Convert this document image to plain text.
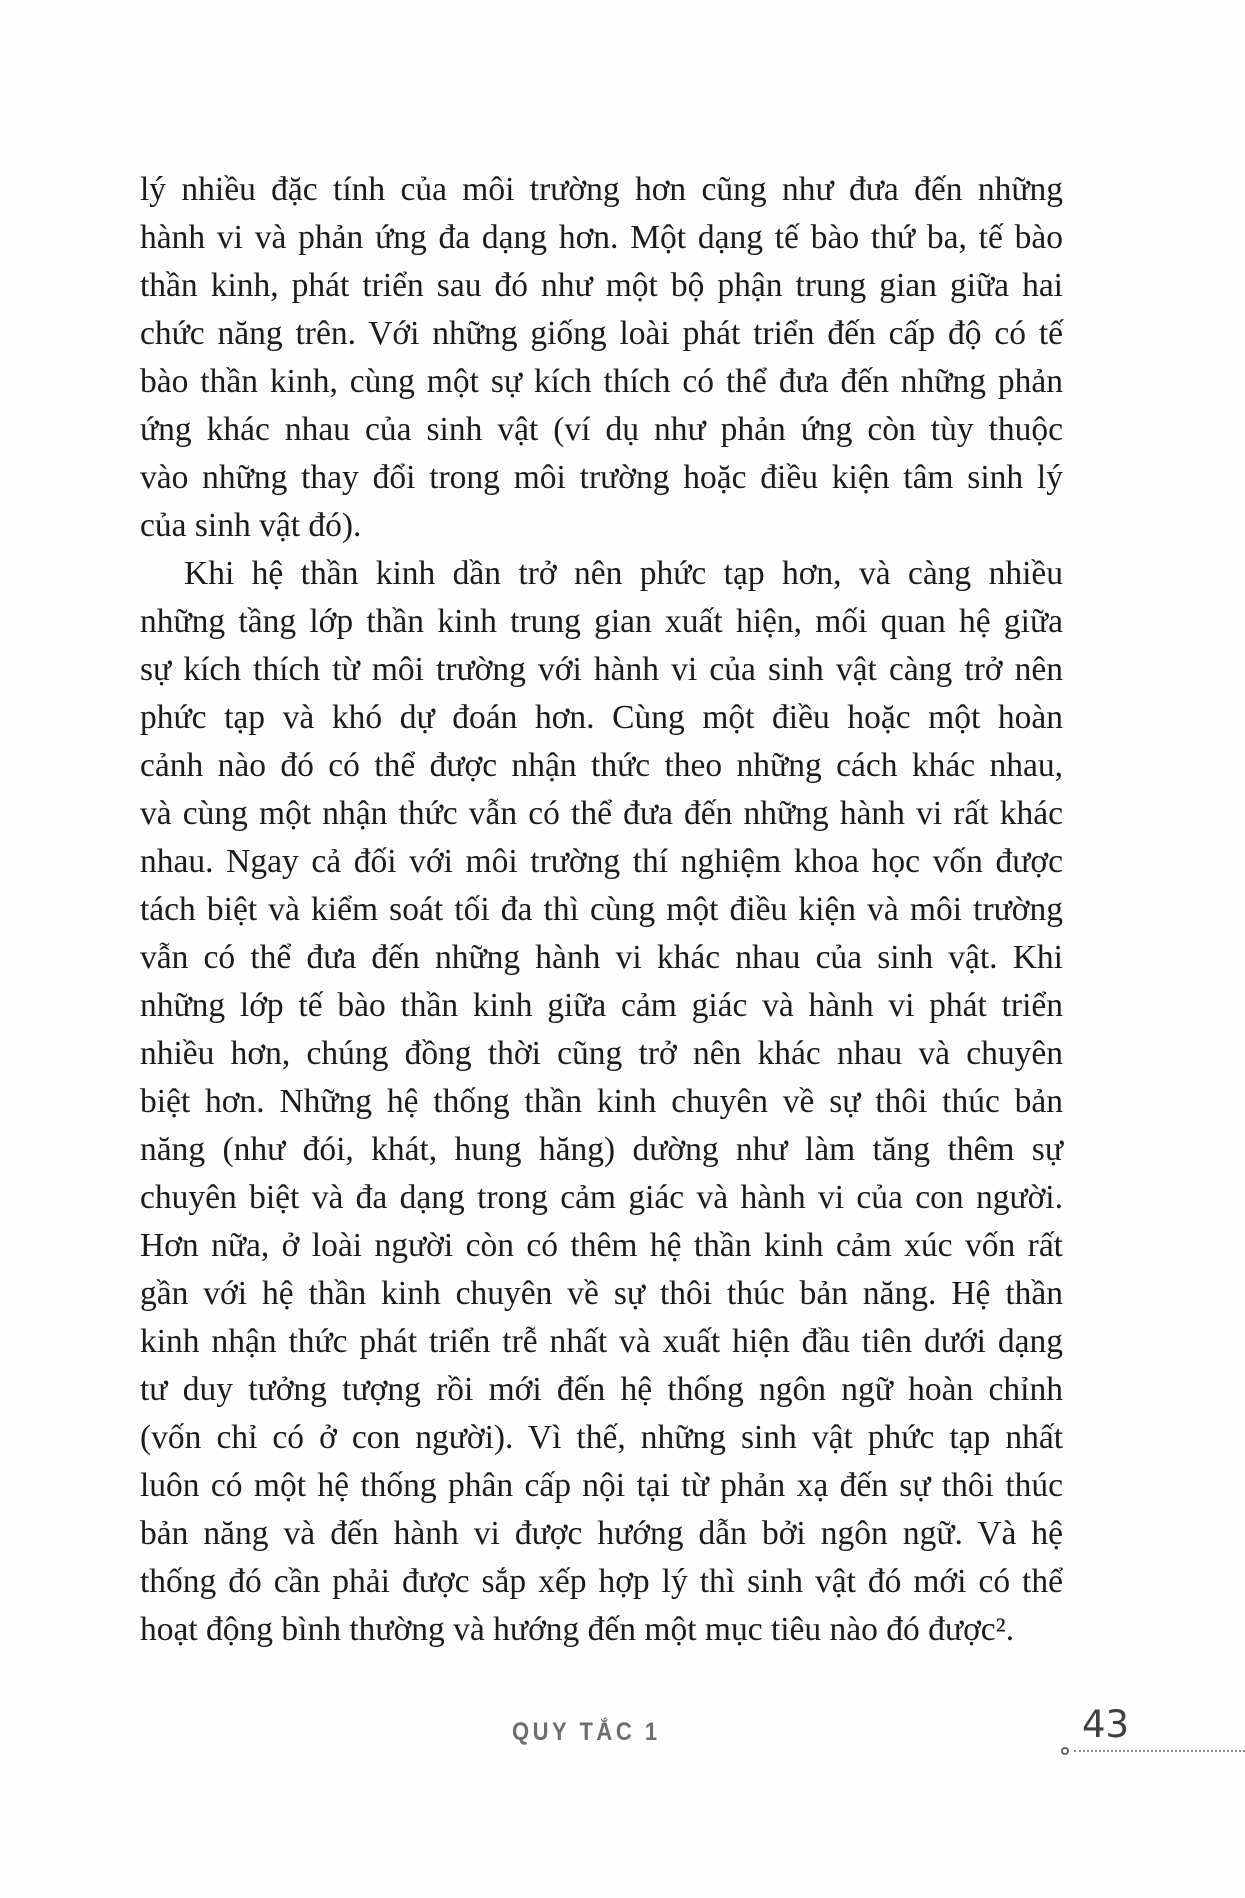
lý nhiều đặc tính của môi trường hơn cũng như đưa đến những
hành vi và phản ứng đa dạng hơn. Một dạng tế bào thứ ba, tế bào
thần kinh, phát triển sau đó như một bộ phận trung gian giữa hai
chức năng trên. Với những giống loài phát triển đến cấp độ có tế
bào thần kinh, cùng một sự kích thích có thể đưa đến những phản
ứng khác nhau của sinh vật (ví dụ như phản ứng còn tùy thuộc
vào những thay đổi trong môi trường hoặc điều kiện tâm sinh lý
của sinh vật đó).
Khi hệ thần kinh dần trở nên phức tạp hơn, và càng nhiều
những tầng lớp thần kinh trung gian xuất hiện, mối quan hệ giữa
sự kích thích từ môi trường với hành vi của sinh vật càng trở nên
phức tạp và khó dự đoán hơn. Cùng một điều hoặc một hoàn
cảnh nào đó có thể được nhận thức theo những cách khác nhau,
và cùng một nhận thức vẫn có thể đưa đến những hành vi rất khác
nhau. Ngay cả đối với môi trường thí nghiệm khoa học vốn được
tách biệt và kiểm soát tối đa thì cùng một điều kiện và môi trường
vẫn có thể đưa đến những hành vi khác nhau của sinh vật. Khi
những lớp tế bào thần kinh giữa cảm giác và hành vi phát triển
nhiều hơn, chúng đồng thời cũng trở nên khác nhau và chuyên
biệt hơn. Những hệ thống thần kinh chuyên về sự thôi thúc bản
năng (như đói, khát, hung hăng) dường như làm tăng thêm sự
chuyên biệt và đa dạng trong cảm giác và hành vi của con người.
Hơn nữa, ở loài người còn có thêm hệ thần kinh cảm xúc vốn rất
gần với hệ thần kinh chuyên về sự thôi thúc bản năng. Hệ thần
kinh nhận thức phát triển trễ nhất và xuất hiện đầu tiên dưới dạng
tư duy tưởng tượng rồi mới đến hệ thống ngôn ngữ hoàn chỉnh
(vốn chỉ có ở con người). Vì thế, những sinh vật phức tạp nhất
luôn có một hệ thống phân cấp nội tại từ phản xạ đến sự thôi thúc
bản năng và đến hành vi được hướng dẫn bởi ngôn ngữ. Và hệ
thống đó cần phải được sắp xếp hợp lý thì sinh vật đó mới có thể
hoạt động bình thường và hướng đến một mục tiêu nào đó được².
QUY TẮC 1	43
